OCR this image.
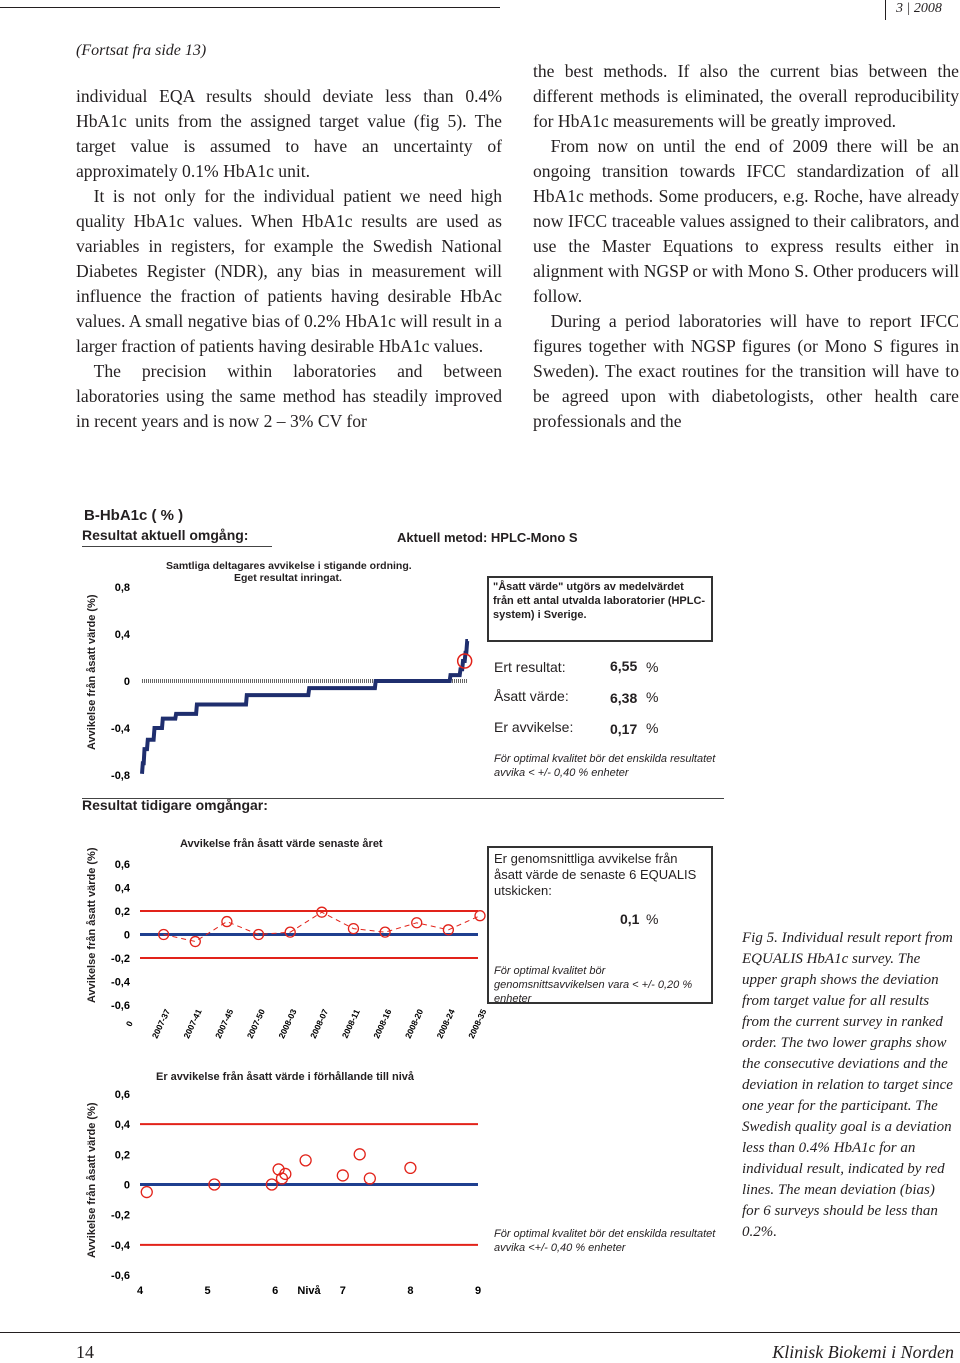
3 | 2008
(Fortsat fra side 13)

individual EQA results should deviate less than 0.4% HbA1c units from the assigned target value (fig 5). The target value is assumed to have an uncertainty of approximately 0.1% HbA1c unit.

It is not only for the individual patient we need high quality HbA1c values. When HbA1c results are used as variables in registers, for example the Swedish National Diabetes Register (NDR), any bias in measurement will influence the fraction of patients having desirable HbAc values. A small negative bias of 0.2% HbA1c will result in a larger fraction of patients having desirable HbA1c values.

The precision within laboratories and between laboratories using the same method has steadily improved in recent years and is now 2 – 3% CV for

the best methods. If also the current bias between the different methods is eliminated, the overall reproducibility for HbA1c measurements will be greatly improved.

From now on until the end of 2009 there will be an ongoing transition towards IFCC standardization of all HbA1c methods. Some producers, e.g. Roche, have already now IFCC traceable values assigned to their calibrators, and use the Master Equations to express results either in alignment with NGSP or with Mono S. Other producers will follow.

During a period laboratories will have to report IFCC figures together with NGSP figures (or Mono S figures in Sweden). The exact routines for the transition will have to be agreed upon with diabetologists, other health care professionals and the

B-HbA1c ( % )
Resultat aktuell omgång:	Aktuell metod: HPLC-Mono S
Avvikelse från åsatt värde (%)
Avvikelse från åsatt värde (%)
Avvikelse från åsatt värde (%)
0,8
0,4
0
-0,4
-0,8
Samtliga deltagares avvikelse i stigande ordning.
Eget resultat inringat.
"Åsatt värde" utgörs av medelvärdet från ett antal utvalda laboratorier (HPLC-system) i Sverige.
Ert resultat:	6,55 %
Åsatt värde:	6,38 %
Er avvikelse:	0,17 %
För optimal kvalitet bör det enskilda resultatet avvika < +/- 0,40 % enheter
Resultat tidigare omgångar:
0,6
0,4
0,2
0
-0,2
-0,4
-0,6
0 2007-37 2007-41 2007-45 2007-50 2008-03 2008-07 2008-11 2008-16 2008-20 2008-24 2008-35
Avvikelse från åsatt värde senaste året
Er genomsnittliga avvikelse från åsatt värde de senaste 6 EQUALIS utskicken:
0,1 %
För optimal kvalitet bör genomsnittsavvikelsen vara < +/- 0,20 % enheter
0,6
0,4
0,2
0
-0,2
-0,4
-0,6
4	5	6	7	8	9
Nivå
Er avvikelse från åsatt värde i förhållande till nivå
För optimal kvalitet bör det enskilda resultatet avvika <+/- 0,40 % enheter
Fig 5. Individual result report from EQUALIS HbA1c survey. The upper graph shows the deviation from target value for all results from the current survey in ranked order. The two lower graphs show the consecutive deviations and the deviation in relation to target since one year for the participant. The Swedish quality goal is a deviation less than 0.4% HbA1c for an individual result, indicated by red lines. The mean deviation (bias) for 6 surveys should be less than 0.2%.
14	Klinisk Biokemi i Norden
